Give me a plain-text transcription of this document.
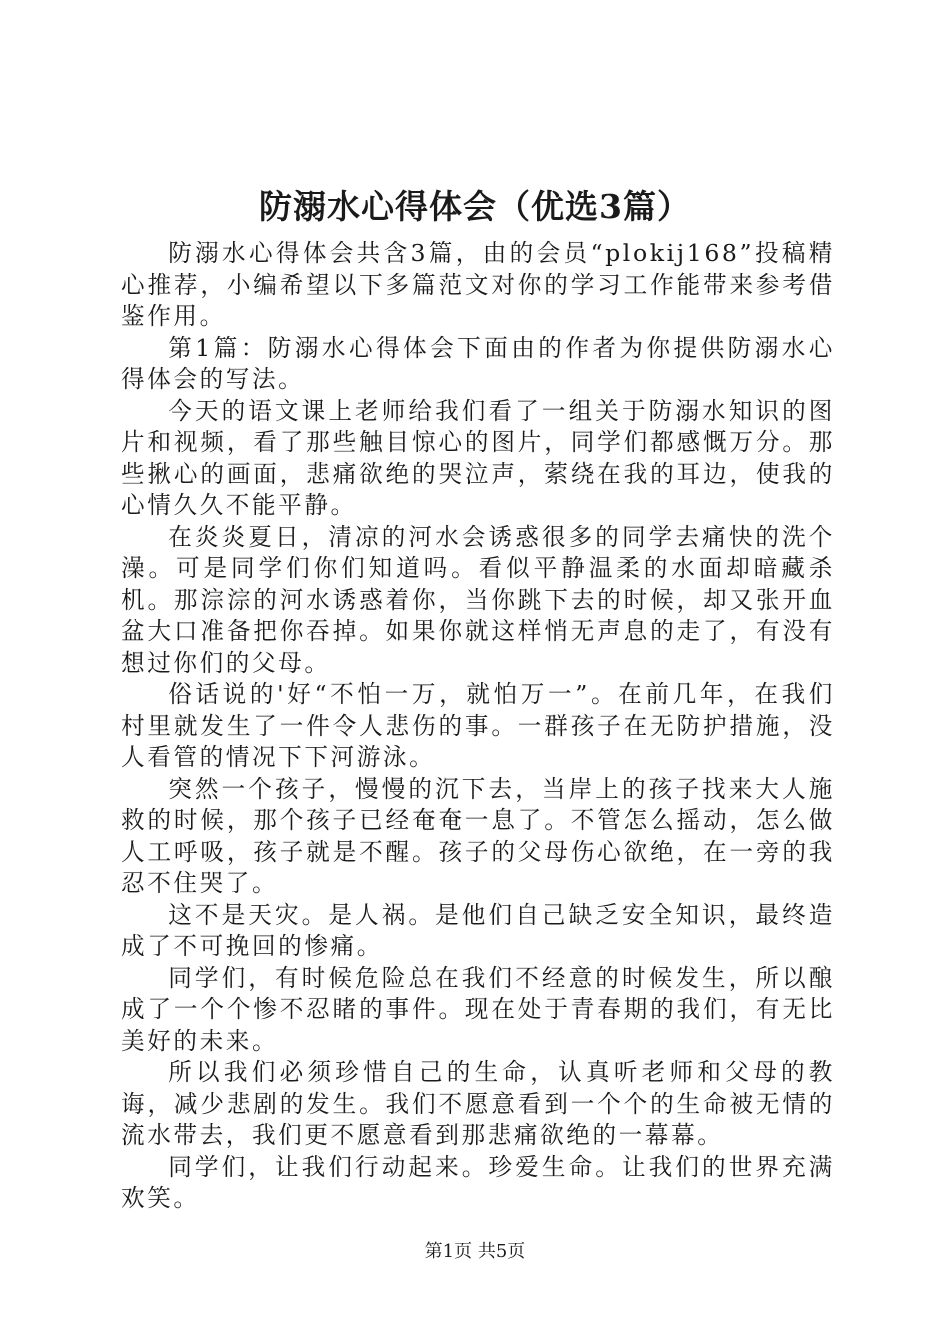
防溺水心得体会（优选3篇）

防溺水心得体会共含3篇，由的会员“plokij168”投稿精心推荐，小编希望以下多篇范文对你的学习工作能带来参考借鉴作用。

第1篇：防溺水心得体会下面由的作者为你提供防溺水心得体会的写法。

今天的语文课上老师给我们看了一组关于防溺水知识的图片和视频，看了那些触目惊心的图片，同学们都感慨万分。那些揪心的画面，悲痛欲绝的哭泣声，萦绕在我的耳边，使我的心情久久不能平静。

在炎炎夏日，清凉的河水会诱惑很多的同学去痛快的洗个澡。可是同学们你们知道吗。看似平静温柔的水面却暗藏杀机。那淙淙的河水诱惑着你，当你跳下去的时候，却又张开血盆大口准备把你吞掉。如果你就这样悄无声息的走了，有没有想过你们的父母。

俗话说的'好“不怕一万，就怕万一”。在前几年，在我们村里就发生了一件令人悲伤的事。一群孩子在无防护措施，没人看管的情况下下河游泳。

突然一个孩子，慢慢的沉下去，当岸上的孩子找来大人施救的时候，那个孩子已经奄奄一息了。不管怎么摇动，怎么做人工呼吸，孩子就是不醒。孩子的父母伤心欲绝，在一旁的我忍不住哭了。

这不是天灾。是人祸。是他们自己缺乏安全知识，最终造成了不可挽回的惨痛。

同学们，有时候危险总在我们不经意的时候发生，所以酿成了一个个惨不忍睹的事件。现在处于青春期的我们，有无比美好的未来。

所以我们必须珍惜自己的生命，认真听老师和父母的教诲，减少悲剧的发生。我们不愿意看到一个个的生命被无情的流水带去，我们更不愿意看到那悲痛欲绝的一幕幕。

同学们，让我们行动起来。珍爱生命。让我们的世界充满欢笑。

第1页 共5页
